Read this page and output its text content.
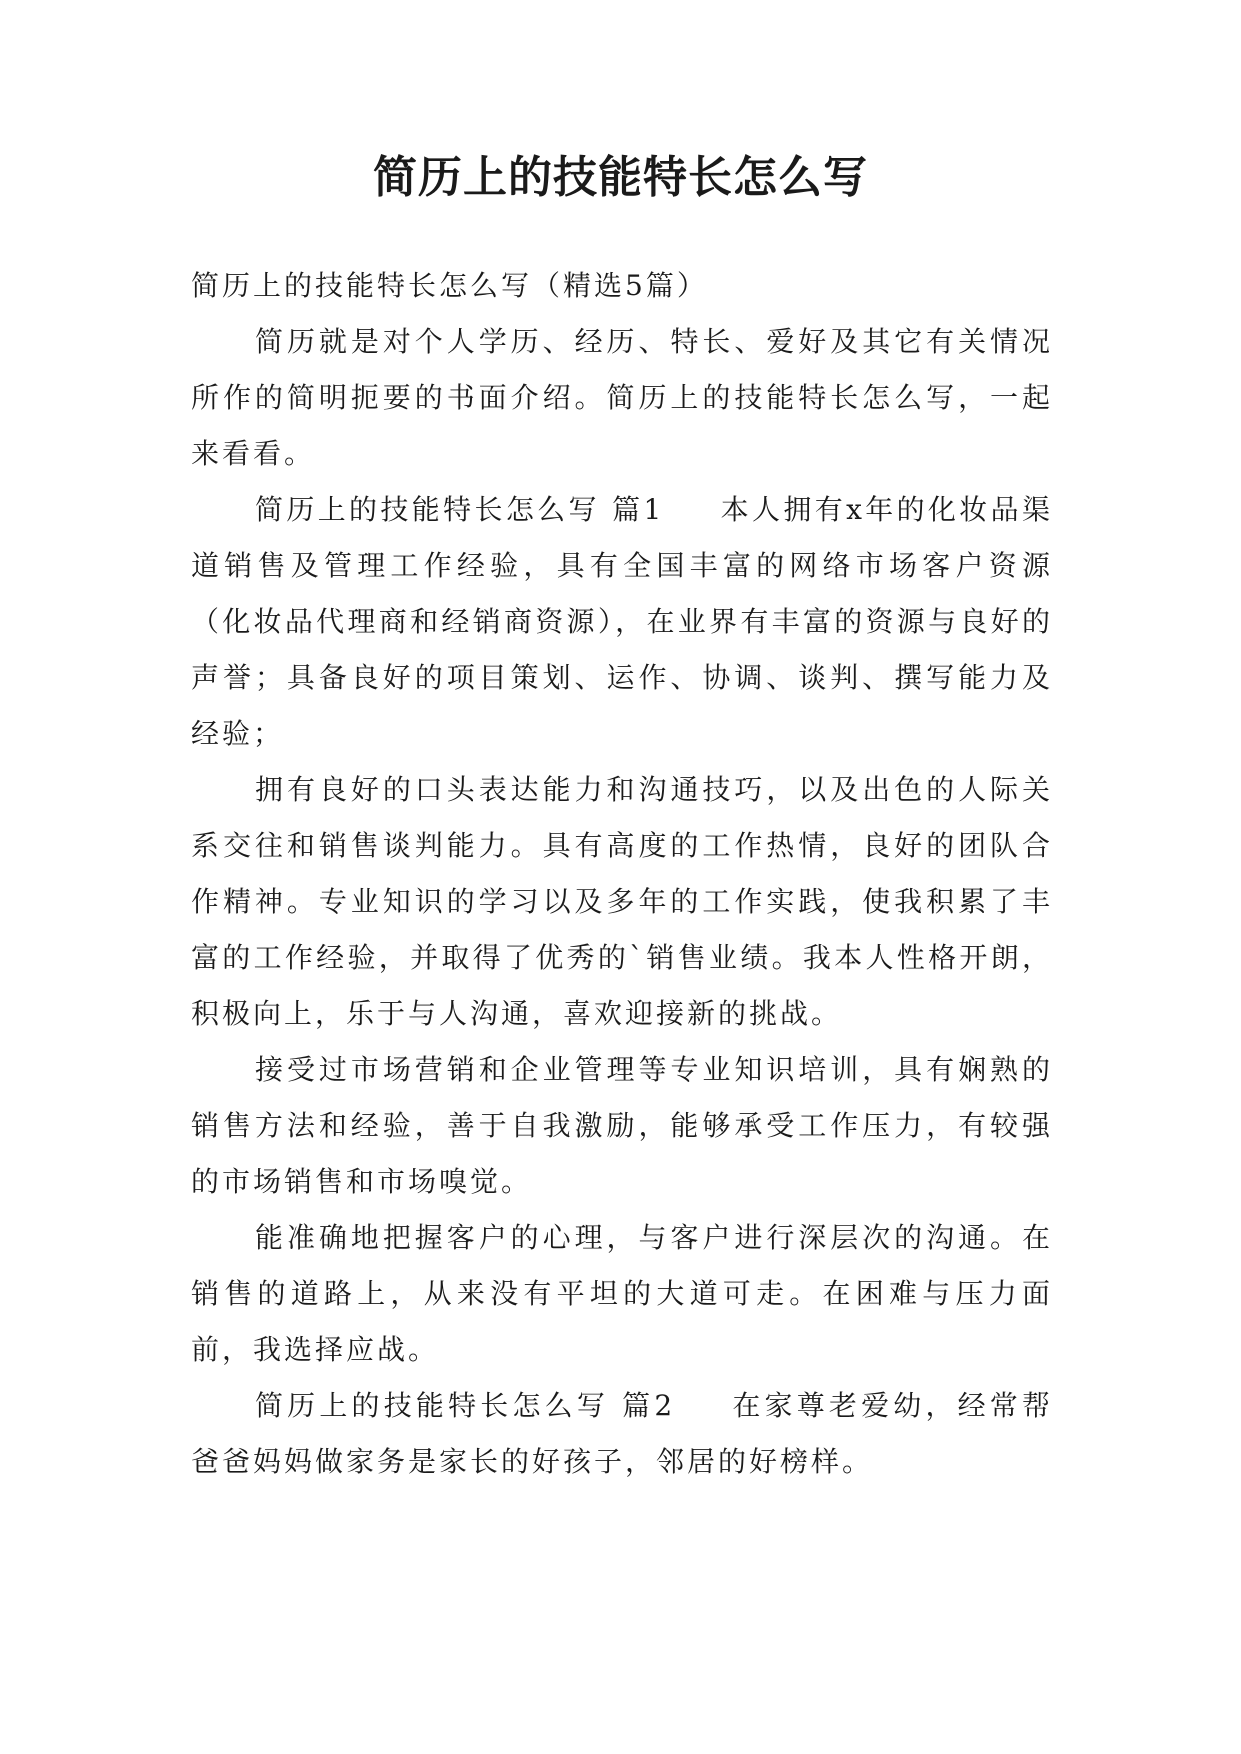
简历上的技能特长怎么写

简历上的技能特长怎么写（精选5篇）

简历就是对个人学历、经历、特长、爱好及其它有关情况所作的简明扼要的书面介绍。简历上的技能特长怎么写，一起来看看。

简历上的技能特长怎么写 篇1 本人拥有x年的化妆品渠道销售及管理工作经验，具有全国丰富的网络市场客户资源（化妆品代理商和经销商资源），在业界有丰富的资源与良好的声誉；具备良好的项目策划、运作、协调、谈判、撰写能力及经验；

拥有良好的口头表达能力和沟通技巧，以及出色的人际关系交往和销售谈判能力。具有高度的工作热情，良好的团队合作精神。专业知识的学习以及多年的工作实践，使我积累了丰富的工作经验，并取得了优秀的`销售业绩。我本人性格开朗，积极向上，乐于与人沟通，喜欢迎接新的挑战。

接受过市场营销和企业管理等专业知识培训，具有娴熟的销售方法和经验，善于自我激励，能够承受工作压力，有较强的市场销售和市场嗅觉。

能准确地把握客户的心理，与客户进行深层次的沟通。在销售的道路上，从来没有平坦的大道可走。在困难与压力面前，我选择应战。

简历上的技能特长怎么写 篇2 在家尊老爱幼，经常帮爸爸妈妈做家务是家长的好孩子，邻居的好榜样。
